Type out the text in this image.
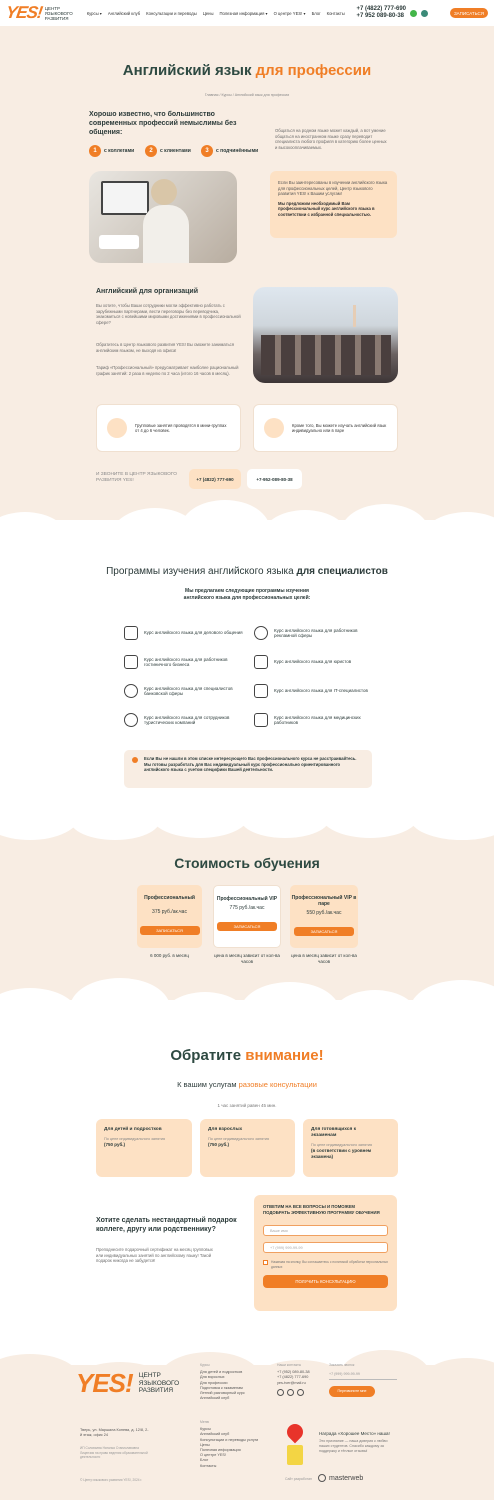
YES! ЦЕНТР ЯЗЫКОВОГО РАЗВИТИЯ
Курсы ▾ Английский клуб Консультации и переводы Цены Полезная информация ▾ О центре YES! ▾ Блог Контакты
+7 (4822) 777-690
+7 952 089-80-38	ЗАПИСАТЬСЯ
Английский язык для профессии
Главная / Курсы / Английский язык для профессии
Хорошо известно, что большинство современных профессий немыслимы без общения:
1	с коллегами	2	с клиентами	3	с подчинёнными
Общаться на родном языке может каждый, а вот умение общаться на иностранном языке сразу переводит специалиста любого профиля в категорию более ценных и высокооплачиваемых.
Если Вы заинтересованы в изучении английского языка для профессиональных целей, Центр языкового развития YES! к Вашим услугам!
Мы предложим необходимый Вам профессиональный курс английского языка в соответствии с избранной специальностью.
Английский для организаций
Вы хотите, чтобы Ваши сотрудники могли эффективно работать с зарубежными партнерами, вести переговоры без переводчика, знакомиться с новейшими мировыми достижениями в профессиональной сфере?
Обратитесь в Центр языкового развития YES! Вы сможете заниматься английским языком, не выходя из офиса!
Тариф «Профессиональный» предусматривает наиболее рациональный график занятий: 2 раза в неделю по 2 часа (итого 16 часов в месяц).
Групповые занятия проводятся в мини-группах от 4 до 6 человек.
Кроме того, Вы можете изучать английский язык индивидуально или в паре
И ЗВОНИТЕ В ЦЕНТР ЯЗЫКОВОГО РАЗВИТИЯ YES!	+7 (4822) 777-690	+7-952-089-80-38
Программы изучения английского языка для специалистов
Мы предлагаем следующие программы изучения английского языка для профессиональных целей:
Курс английского языка для делового общения
Курс английского языка для работников рекламной сферы
Курс английского языка для работников гостиничного бизнеса
Курс английского языка для юристов
Курс английского языка для специалистов банковской сферы
Курс английского языка для IT-специалистов
Курс английского языка для сотрудников туристических компаний
Курс английского языка для медицинских работников
Если Вы не нашли в этом списке интересующего Вас профессионального курса не расстраивайтесь. Мы готовы разработать для Вас индивидуальный курс профессионально ориентированного английского языка с учетом специфики Вашей деятельности.
Стоимость обучения
Профессиональный
375 руб./ак.час
ЗАПИСАТЬСЯ
Профессиональный VIP
775 руб./ак.час
ЗАПИСАТЬСЯ
Профессиональный VIP в паре
550 руб./ак.час
ЗАПИСАТЬСЯ
6 000 руб. в месяц	цена в месяц зависит от кол-ва часов
цена в месяц зависит от кол-ва часов
Обратите внимание!
К вашим услугам разовые консультации
1 час занятий равен 45 мин.
Для детей и подростков
По цене индивидуального занятия
(750 руб.)
Для взрослых
По цене индивидуального занятия
(750 руб.)
Для готовящихся к экзаменам
По цене индивидуального занятия
(в соответствии с уровнем экзамена)
Хотите сделать нестандартный подарок коллеге, другу или родственнику?
Преподнесите подарочный сертификат на месяц групповых или индивидуальных занятий по английскому языку! Такой подарок никогда не забудется!
ОТВЕТИМ НА ВСЕ ВОПРОСЫ И ПОМОЖЕМ ПОДОБРАТЬ ЭФФЕКТИВНУЮ ПРОГРАММУ ОБУЧЕНИЯ
Ваше имя
+7 (999) 999-99-99
Нажимая на кнопку, Вы соглашаетесь с политикой обработки персональных данных
ПОЛУЧИТЬ КОНСУЛЬТАЦИЮ
YES! ЦЕНТР ЯЗЫКОВОГО РАЗВИТИЯ
Тверь, ул. Маршала Конева, д. 12/8, 2-й этаж, офис 24
ИП Соловьева Наталья Станиславовна
Лицензия на право ведения образовательной деятельности
© Центр языкового развития YES!, 2024 г.
Курсы
Для детей и подростков
Для взрослых
Для профессии
Подготовка к экзаменам
Летний разговорный курс
Английский клуб
Меню
Курсы
Английский клуб
Консультации и переводы услуги
Цены
Полезная информация
О центре YES!
Блог
Контакты
Наши контакты
+7 (952) 089-80-38
+7 (4822) 777-690
yes-tver@mail.ru
Заказать звонок
+7 (999) 999-99-99
Перезвоните мне
Награда «Хорошее Место» наша!
Это признание — наша доверия к любви наших студентов. Спасибо каждому за поддержку и тёплые отзывы!
Сайт разработан masterweb
